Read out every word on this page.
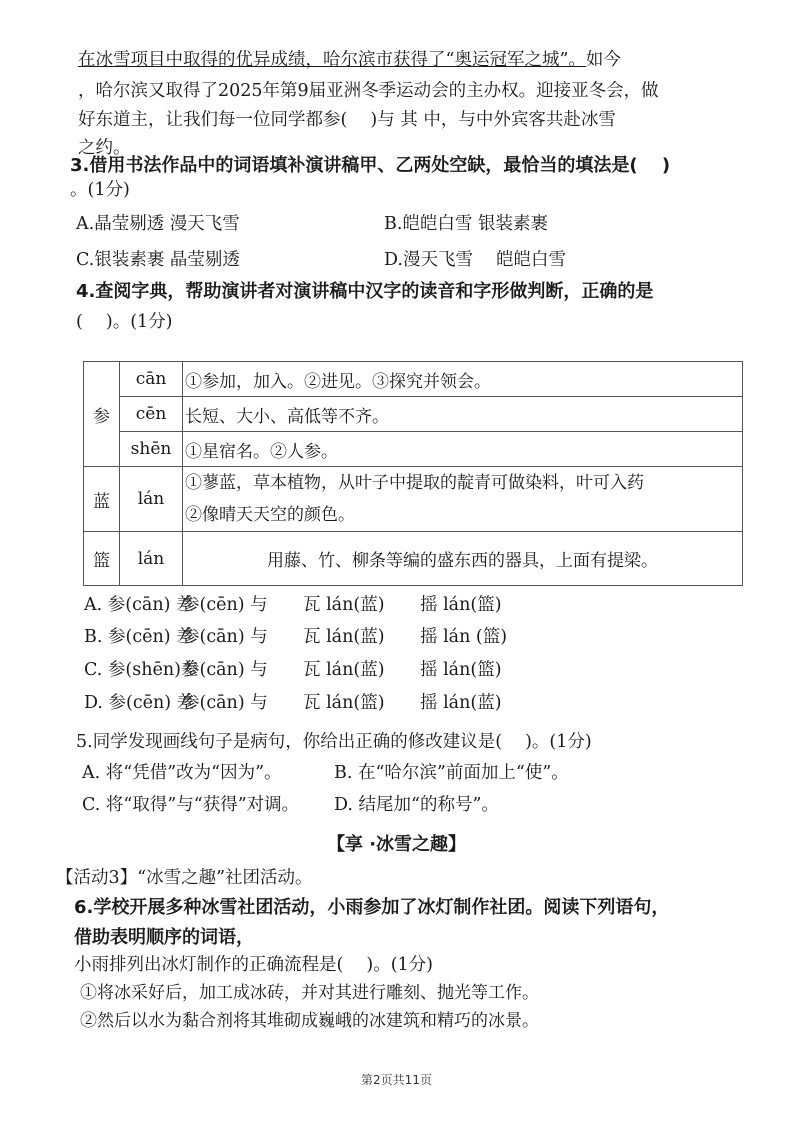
在冰雪项目中取得的优异成绩，哈尔滨市获得了“奥运冠军之城”。如今
，哈尔滨又取得了2025年第9届亚洲冬季运动会的主办权。迎接亚冬会，做
好东道主，让我们每一位同学都参(　 )与 其 中，与中外宾客共赴冰雪
之约。
3.借用书法作品中的词语填补演讲稿甲、乙两处空缺，最恰当的填法是(　 )
。(1分)
A.晶莹剔透 漫天飞雪	B.皑皑白雪 银装素裹
C.银装素裹 晶莹剔透	D.漫天飞雪　 皑皑白雪
4.查阅字典，帮助演讲者对演讲稿中汉字的读音和字形做判断，正确的是
(　 )。(1分)
参	cān	①参加，加入。②进见。③探究并领会。
	cēn	长短、大小、高低等不齐。
	shēn	①星宿名。②人参。
蓝	lán	①蓼蓝，草本植物，从叶子中提取的靛青可做染料，叶可入药
②像晴天天空的颜色。

篮	lán	用藤、竹、柳条等编的盛东西的器具，上面有提梁。
A. 参(cān) 差
参(cēn) 与 瓦 lán(蓝) 摇 lán(篮)
B. 参(cēn) 差
参(cān) 与 瓦 lán(蓝) 摇 lán (篮)
C. 参(shēn)差
参(cān) 与 瓦 lán(蓝) 摇 lán(篮)
D. 参(cēn) 差
参(cān) 与 瓦 lán(篮) 摇 lán(蓝)
5.同学发现画线句子是病句，你给出正确的修改建议是(　 )。(1分)
A. 将“凭借”改为“因为”。	B. 在“哈尔滨”前面加上“使”。
C. 将“取得”与“获得”对调。 D. 结尾加“的称号”。
【享 ·冰雪之趣】
【活动3】“冰雪之趣”社团活动。
6.学校开展多种冰雪社团活动，小雨参加了冰灯制作社团。阅读下列语句，
借助表明顺序的词语，
小雨排列出冰灯制作的正确流程是(　 )。(1分)
①将冰采好后，加工成冰砖，并对其进行雕刻、抛光等工作。
②然后以水为黏合剂将其堆砌成巍峨的冰建筑和精巧的冰景。
第2页共11页
